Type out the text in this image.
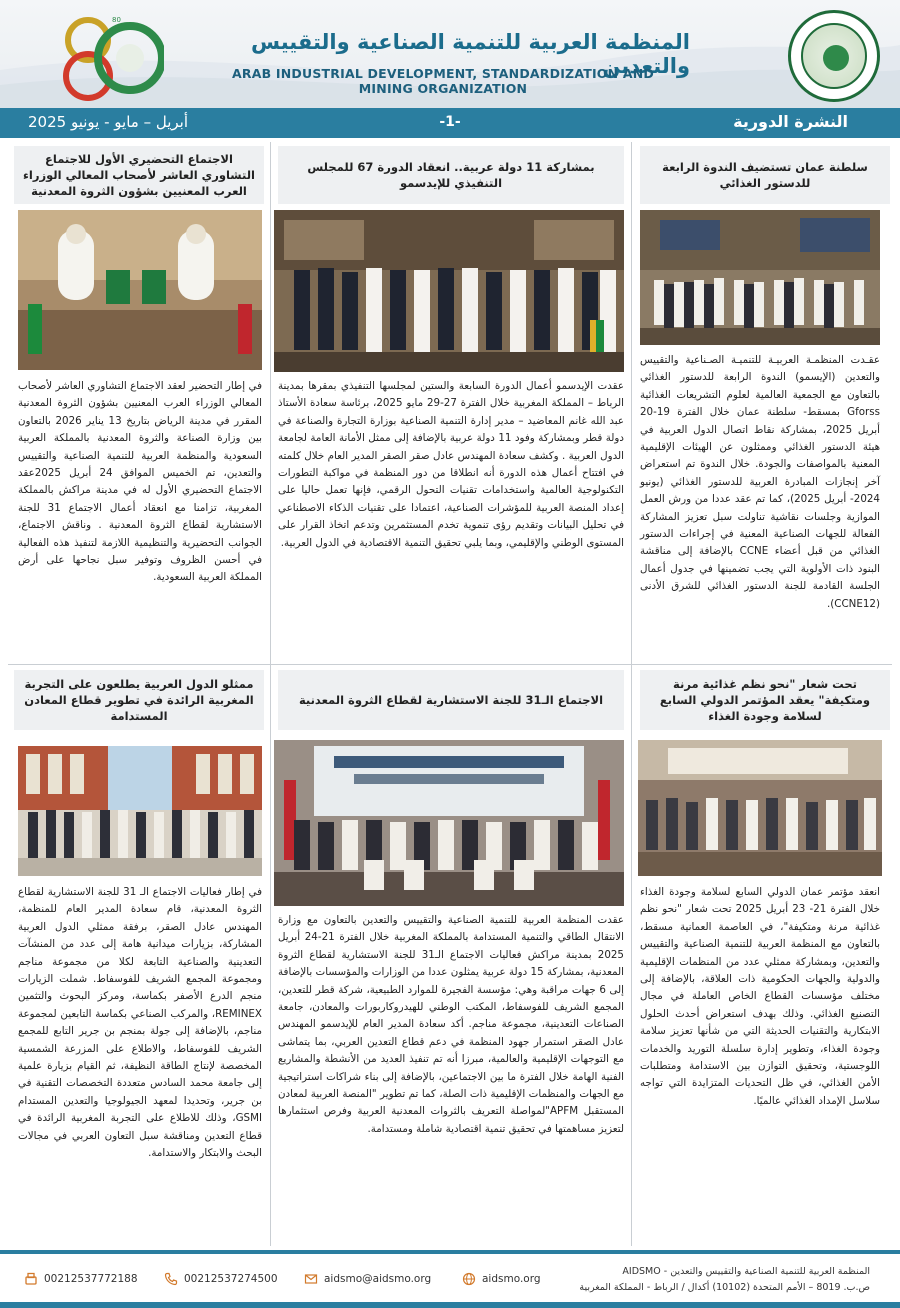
80
المنظمة العربية للتنمية الصناعية والتقييس والتعدين
ARAB INDUSTRIAL DEVELOPMENT, STANDARDIZATION AND MINING ORGANIZATION
أبريل – مايو - يونيو 2025	-1-	النشرة الدورية
سلطنة عمان تستضيف الندوة الرابعة للدستور الغذائي
عقـدت المنظمـة العربيـة للتنميـة الصـناعية والتقييس والتعدين (الإيسمو) الندوة الرابعة للدستور الغذائي بالتعاون مع الجمعية العالمية لعلوم التشريعات الغذائية Gforss بمسقط- سلطنة عمان خلال الفترة 19-20 أبريل 2025، بمشاركة نقاط اتصال الدول العربية في هيئة الدستور الغذائي وممثلون عن الهيئات الإقليمية المعنية بالمواصفات والجودة. خلال الندوة تم استعراض آخر إنجازات المبادرة العربية للدستور الغذائي (يونيو 2024- أبريل 2025)، كما تم عقد عددا من ورش العمل الموازية وجلسات نقاشية تناولت سبل تعزيز المشاركة الفعالة للجهات الصناعية المعنية في إجراءات الدستور الغذائي من قبل أعضاء CCNE بالإضافة إلى مناقشة البنود ذات الأولوية التي يجب تضمينها في جدول أعمال الجلسة القادمة للجنة الدستور الغذائي للشرق الأدنى (CCNE12).
بمشاركة 11 دولة عربية.. انعقاد الدورة 67 للمجلس التنفيذي للإيدسمو
عقدت الإيدسمو أعمال الدورة السابعة والستين لمجلسها التنفيذي بمقرها بمدينة الرباط – المملكة المغربية خلال الفترة 27-29 مايو 2025، برئاسة سعادة الأستاذ عبد الله غانم المعاضيد – مدير إدارة التنمية الصناعية بوزارة التجارة والصناعة في دولة قطر وبمشاركة وفود 11 دولة عربية بالإضافة إلى ممثل الأمانة العامة لجامعة الدول العربية . وكشف سعادة المهندس عادل صقر الصقر المدير العام خلال كلمته في افتتاح أعمال هذه الدورة أنه انطلاقا من دور المنظمة في مواكبة التطورات التكنولوجية العالمية واستخدامات تقنيات التحول الرقمي، فإنها تعمل حاليا على إعداد المنصة العربية للمؤشرات الصناعية، اعتمادا على تقنيات الذكاء الاصطناعي في تحليل البيانات وتقديم رؤى تنموية تخدم المستثمرين وتدعم اتخاذ القرار على المستوى الوطني والإقليمي، وبما يلبي تحقيق التنمية الاقتصادية في الدول العربية.
الاجتماع التحضيري الأول للاجتماع التشاوري العاشر لأصحاب المعالي الوزراء العرب المعنيين بشؤون الثروة المعدنية
في إطار التحضير لعقد الاجتماع التشاوري العاشر لأصحاب المعالي الوزراء العرب المعنيين بشؤون الثروة المعدنية المقرر في مدينة الرياض بتاريخ 13 يناير 2026 بالتعاون بين وزارة الصناعة والثروة المعدنية بالمملكة العربية السعودية والمنظمة العربية للتنمية الصناعية والتقييس والتعدين، تم الخميس الموافق 24 أبريل 2025عقد الاجتماع التحضيري الأول له في مدينة مراكش بالمملكة المغربية، تزامنا مع انعقاد أعمال الاجتماع 31 للجنة الاستشارية لقطاع الثروة المعدنية . وناقش الاجتماع، الجوانب التحضيرية والتنظيمية اللازمة لتنفيذ هذه الفعالية في أحسن الظروف وتوفير سبل نجاحها على أرض المملكة العربية السعودية.
تحت شعار "نحو نظم غذائية مرنة ومتكيفة" يعقد المؤتمر الدولي السابع لسلامة وجودة الغذاء
انعقد مؤتمر عمان الدولي السابع لسلامة وجودة الغذاء خلال الفترة 21- 23 أبريل 2025 تحت شعار "نحو نظم غذائية مرنة ومتكيفة"، في العاصمة العمانية مسقط، بالتعاون مع المنظمة العربية للتنمية الصناعية والتقييس والتعدين، وبمشاركة ممثلي عدد من المنظمات الإقليمية والدولية والجهات الحكومية ذات العلاقة، بالإضافة إلى مختلف مؤسسات القطاع الخاص العاملة في مجال التصنيع الغذائي. وذلك بهدف استعراض أحدث الحلول الابتكارية والتقنيات الحديثة التي من شأنها تعزيز سلامة وجودة الغذاء، وتطوير إدارة سلسلة التوريد والخدمات اللوجستية، وتحقيق التوازن بين الاستدامة ومتطلبات الأمن الغذائي، في ظل التحديات المتزايدة التي تواجه سلاسل الإمداد الغذائي عالميًا.
الاجتماع الـ31 للجنة الاستشارية لقطاع الثروة المعدنية
عقدت المنظمة العربية للتنمية الصناعية والتقييس والتعدين بالتعاون مع وزارة الانتقال الطاقي والتنمية المستدامة بالمملكة المغربية خلال الفترة 21-24 أبريل 2025 بمدينة مراكش فعاليات الاجتماع الـ31 للجنة الاستشارية لقطاع الثروة المعدنية، بمشاركة 15 دولة عربية يمثلون عددا من الوزارات والمؤسسات بالإضافة إلى 6 جهات مراقبة وهي: مؤسسة الفجيرة للموارد الطبيعية، شركة قطر للتعدين، المجمع الشريف للفوسفاط، المكتب الوطني للهيدروكاربورات والمعادن، جامعة الصناعات التعدينية، مجموعة مناجم. أكد سعادة المدير العام للإيدسمو المهندس عادل الصقر استمرار جهود المنظمة في دعم قطاع التعدين العربي، بما يتماشى مع التوجهات الإقليمية والعالمية، مبرزا أنه تم تنفيذ العديد من الأنشطة والمشاريع الفنية الهامة خلال الفترة ما بين الاجتماعين، بالإضافة إلى بناء شراكات استراتيجية مع الجهات والمنظمات الإقليمية ذات الصلة، كما تم تطوير "المنصة العربية لمعادن المستقبل APFM"لمواصلة التعريف بالثروات المعدنية العربية وفرص استثمارها لتعزيز مساهمتها في تحقيق تنمية اقتصادية شاملة ومستدامة.
ممثلو الدول العربية يطلعون على التجربة المغربية الرائدة في تطوير قطاع المعادن المستدامة
في إطار فعاليات الاجتماع الـ 31 للجنة الاستشارية لقطاع الثروة المعدنية، قام سعادة المدير العام للمنظمة، المهندس عادل الصقر، برفقة ممثلي الدول العربية المشاركة، بزيارات ميدانية هامة إلى عدد من المنشآت التعدينية والصناعية التابعة لكلا من مجموعة مناجم ومجموعة المجمع الشريف للفوسفاط. شملت الزيارات منجم الدرع الأصفر بكماسة، ومركز البحوث والتثمين REMINEX، والمركب الصناعي بكماسة التابعين لمجموعة مناجم، بالإضافة إلى جولة بمنجم بن جرير التابع للمجمع الشريف للفوسفاط، والاطلاع على المزرعة الشمسية المخصصة لإنتاج الطاقة النظيفة، ثم القيام بزيارة علمية إلى جامعة محمد السادس متعددة التخصصات التقنية في بن جرير، وتحديدا لمعهد الجيولوجيا والتعدين المستدام GSMI، وذلك للاطلاع على التجربة المغربية الرائدة في قطاع التعدين ومناقشة سبل التعاون العربي في مجالات البحث والابتكار والاستدامة.
00212537772188	00212537274500	aidsmo@aidsmo.org	aidsmo.org
المنظمة العربية للتنمية الصناعية والتقييس والتعدين - AIDSMO
ص.ب. 8019 – الأمم المتحدة (10102) أكدال / الرباط - المملكة المغربية
